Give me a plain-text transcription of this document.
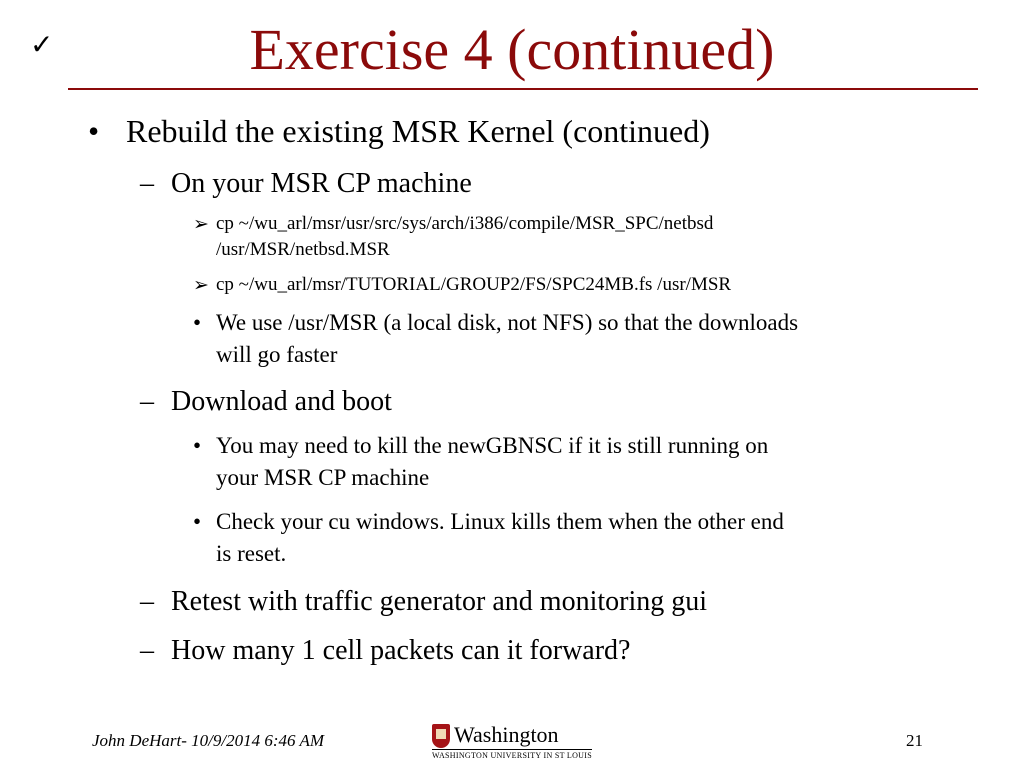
✓	Exercise 4 (continued)
• Rebuild the existing MSR Kernel (continued)
– On your MSR CP machine
➢ cp ~/wu_arl/msr/usr/src/sys/arch/i386/compile/MSR_SPC/netbsd
/usr/MSR/netbsd.MSR
➢ cp ~/wu_arl/msr/TUTORIAL/GROUP2/FS/SPC24MB.fs /usr/MSR
• We use /usr/MSR (a local disk, not NFS) so that the downloads
will go faster
– Download and boot
• You may need to kill the newGBNSC if it is still running on
your MSR CP machine
• Check your cu windows. Linux kills them when the other end
is reset.
– Retest with traffic generator and monitoring gui
– How many 1 cell packets can it forward?
John DeHart- 10/9/2014 6:46 AM	Washington
WASHINGTON UNIVERSITY IN ST LOUIS
21
